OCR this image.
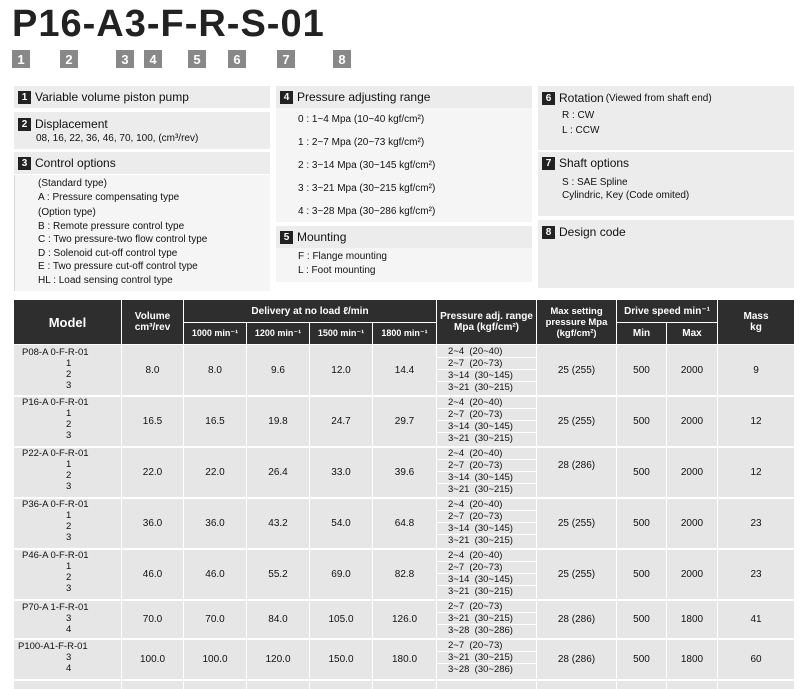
P16-A3-F-R-S-01
1	2	3	4	5	6	7	8
1 Variable volume piston pump
2 Displacement
08, 16, 22, 36, 46, 70, 100, (cm³/rev)
3 Control options
(Standard type)
A : Pressure compensating type
(Option type)
B : Remote pressure control type
C : Two pressure-two flow control type
D : Solenoid cut-off control type
E : Two pressure cut-off control type
HL : Load sensing control type
4 Pressure adjusting range
0 : 1~4 Mpa (10~40 kgf/cm²)
1 : 2~7 Mpa (20~73 kgf/cm²)
2 : 3~14 Mpa (30~145 kgf/cm²)
3 : 3~21 Mpa (30~215 kgf/cm²)
4 : 3~28 Mpa (30~286 kgf/cm²)
5 Mounting
F : Flange mounting
L : Foot mounting
6 Rotation (Viewed from shaft end)
R : CW
L : CCW
7 Shaft options
S : SAE Spline
Cylindric, Key (Code omited)
8 Design code
Model	Volume cm³/rev
Delivery at no load ℓ/min
1000 min⁻¹	1200 min⁻¹	1500 min⁻¹	1800 min⁻¹
Pressure adj. range Mpa (kgf/cm²)
Max setting pressure Mpa (kgf/cm²)
Drive speed min⁻¹
Min	Max
Mass kg
P08-A 0-F-R-01
1
2
3
8.0	8.0	9.6	12.0	14.4
2~4  (20~40)
2~7  (20~73)
3~14  (30~145)
3~21  (30~215)
25 (255)	500	2000	9
P16-A 0-F-R-01
1
2
3
16.5	16.5	19.8	24.7	29.7
2~4  (20~40)
2~7  (20~73)
3~14  (30~145)
3~21  (30~215)
25 (255)	500	2000	12
P22-A 0-F-R-01
1
2
3
22.0	22.0	26.4	33.0	39.6
2~4  (20~40)
2~7  (20~73)
3~14  (30~145)
3~21  (30~215)
28 (286)
500	2000	12
P36-A 0-F-R-01
1
2
3
36.0	36.0	43.2	54.0	64.8
2~4  (20~40)
2~7  (20~73)
3~14  (30~145)
3~21  (30~215)
25 (255)	500	2000	23
P46-A 0-F-R-01
1
2
3
46.0	46.0	55.2	69.0	82.8
2~4  (20~40)
2~7  (20~73)
3~14  (30~145)
3~21  (30~215)
25 (255)	500	2000	23
P70-A 1-F-R-01
3
4
70.0	70.0	84.0	105.0	126.0
2~7  (20~73)
3~21  (30~215)
3~28  (30~286)
28 (286)	500	1800	41
P100-A1-F-R-01
3
4
100.0	100.0	120.0	150.0	180.0
2~7  (20~73)
3~21  (30~215)
3~28  (30~286)
28 (286)	500	1800	60
